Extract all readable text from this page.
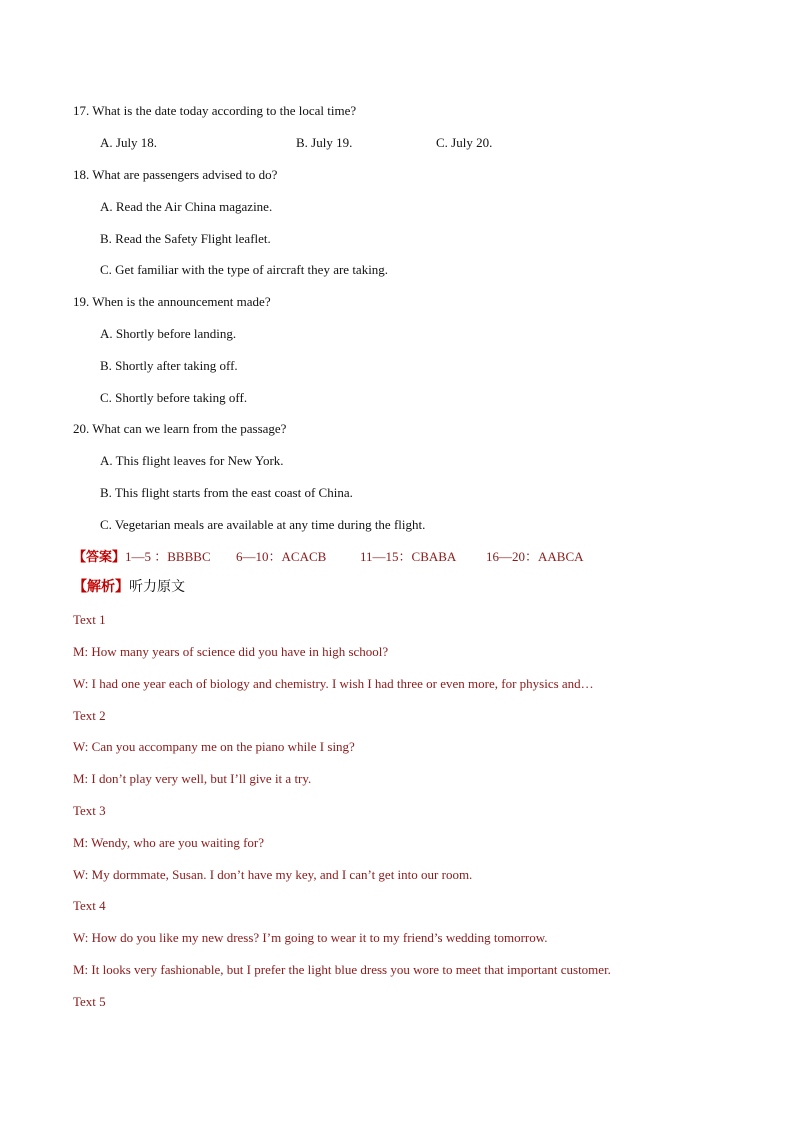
17. What is the date today according to the local time?
A. July 18.	B. July 19.	C. July 20.
18. What are passengers advised to do?
A. Read the Air China magazine.
B. Read the Safety Flight leaflet.
C. Get familiar with the type of aircraft they are taking.
19. When is the announcement made?
A. Shortly before landing.
B. Shortly after taking off.
C. Shortly before taking off.
20. What can we learn from the passage?
A. This flight leaves for New York.
B. This flight starts from the east coast of China.
C. Vegetarian meals are available at any time during the flight.
【答案】1—5 ：BBBBC 6—10：ACACB	11—15：CBABA 16—20：AABCA
【解析】听力原文
Text 1
M: How many years of science did you have in high school?
W: I had one year each of biology and chemistry. I wish I had three or even more, for physics and…
Text 2
W: Can you accompany me on the piano while I sing?
M: I don’t play very well, but I’ll give it a try.
Text 3
M: Wendy, who are you waiting for?
W: My dormmate, Susan. I don’t have my key, and I can’t get into our room.
Text 4
W: How do you like my new dress? I’m going to wear it to my friend’s wedding tomorrow.
M: It looks very fashionable, but I prefer the light blue dress you wore to meet that important customer.
Text 5
